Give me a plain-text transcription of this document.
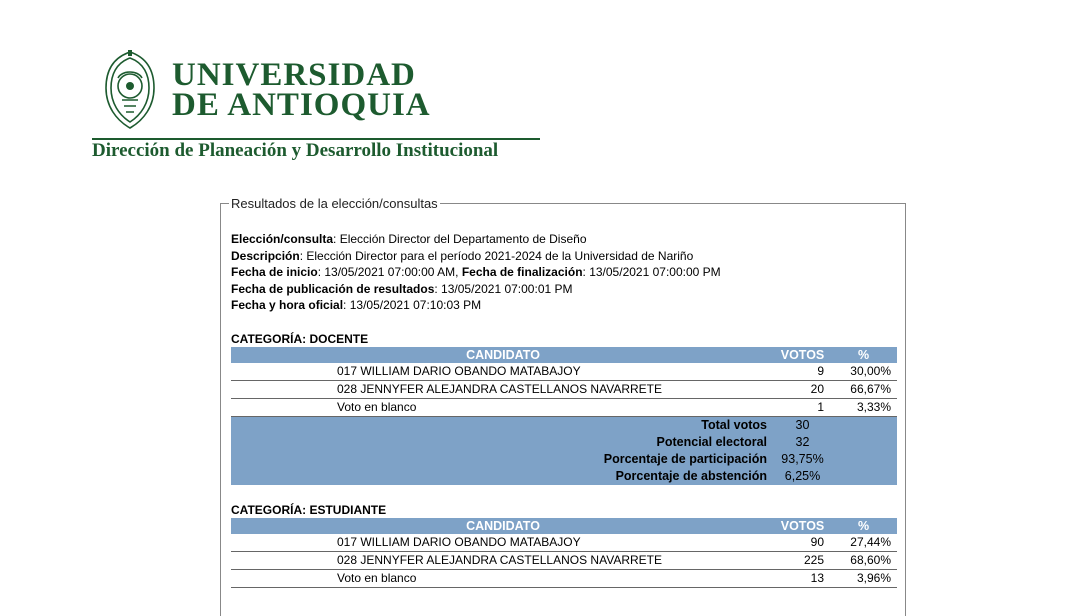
UNIVERSIDAD
DE ANTIOQUIA
Dirección de Planeación y Desarrollo Institucional
Resultados de la elección/consultas
Elección/consulta: Elección Director del Departamento de Diseño
Descripción: Elección Director para el período 2021-2024 de la Universidad de Nariño
Fecha de inicio: 13/05/2021 07:00:00 AM, Fecha de finalización: 13/05/2021 07:00:00 PM
Fecha de publicación de resultados: 13/05/2021 07:00:01 PM
Fecha y hora oficial: 13/05/2021 07:10:03 PM
CATEGORÍA: DOCENTE
CANDIDATO		VOTOS	%
	017 WILLIAM DARIO OBANDO MATABAJOY	9	30,00%
	028 JENNYFER ALEJANDRA CASTELLANOS NAVARRETE	20	66,67%
	Voto en blanco	1	3,33%
	Total votos	30	
	Potencial electoral	32	
	Porcentaje de participación	93,75%	
	Porcentaje de abstención	6,25%	
CATEGORÍA: ESTUDIANTE
CANDIDATO		VOTOS	%
	017 WILLIAM DARIO OBANDO MATABAJOY	90	27,44%
	028 JENNYFER ALEJANDRA CASTELLANOS NAVARRETE	225	68,60%
	Voto en blanco	13	3,96%
